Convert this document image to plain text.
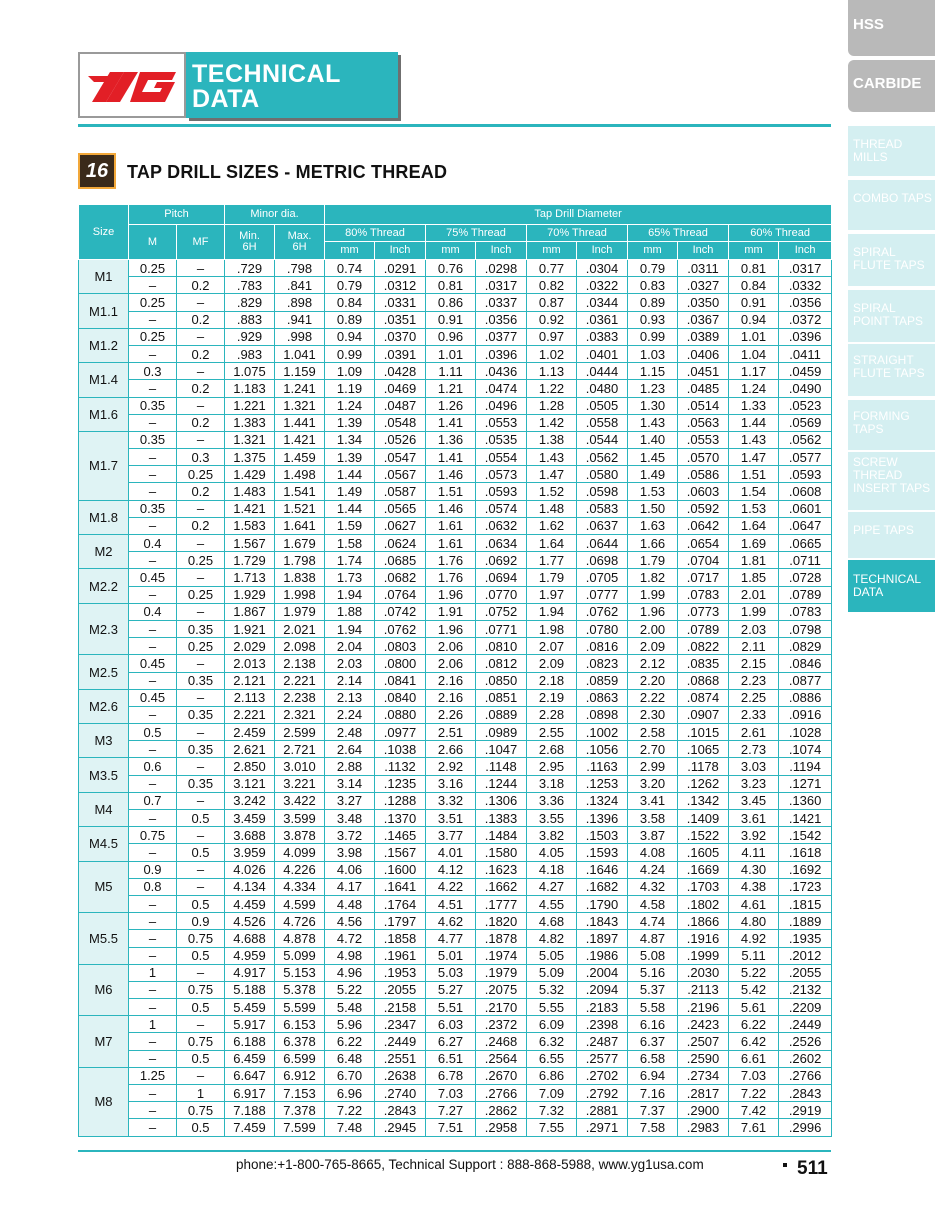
TECHNICAL
DATA
16	TAP DRILL SIZES - METRIC THREAD
HSS
CARBIDE
THREAD MILLS
COMBO TAPS
SPIRAL FLUTE TAPS
SPIRAL POINT TAPS
STRAIGHT FLUTE TAPS
FORMING TAPS
SCREW THREAD INSERT TAPS
PIPE TAPS
TECHNICAL DATA
Size	Pitch		Minor dia.		Tap Drill Diameter									
	M	MF	Min.
6H	Max.
6H	80% Thread		75% Thread		70% Thread		65% Thread		60% Thread	
					mm	Inch	mm	Inch	mm	Inch	mm	Inch	mm	Inch
M1	0.25	–	.729	.798	0.74	.0291	0.76	.0298	0.77	.0304	0.79	.0311	0.81	.0317
	–	0.2	.783	.841	0.79	.0312	0.81	.0317	0.82	.0322	0.83	.0327	0.84	.0332
M1.1	0.25	–	.829	.898	0.84	.0331	0.86	.0337	0.87	.0344	0.89	.0350	0.91	.0356
	–	0.2	.883	.941	0.89	.0351	0.91	.0356	0.92	.0361	0.93	.0367	0.94	.0372
M1.2	0.25	–	.929	.998	0.94	.0370	0.96	.0377	0.97	.0383	0.99	.0389	1.01	.0396
	–	0.2	.983	1.041	0.99	.0391	1.01	.0396	1.02	.0401	1.03	.0406	1.04	.0411
M1.4	0.3	–	1.075	1.159	1.09	.0428	1.11	.0436	1.13	.0444	1.15	.0451	1.17	.0459
	–	0.2	1.183	1.241	1.19	.0469	1.21	.0474	1.22	.0480	1.23	.0485	1.24	.0490
M1.6	0.35	–	1.221	1.321	1.24	.0487	1.26	.0496	1.28	.0505	1.30	.0514	1.33	.0523
	–	0.2	1.383	1.441	1.39	.0548	1.41	.0553	1.42	.0558	1.43	.0563	1.44	.0569
M1.7	0.35	–	1.321	1.421	1.34	.0526	1.36	.0535	1.38	.0544	1.40	.0553	1.43	.0562
	–	0.3	1.375	1.459	1.39	.0547	1.41	.0554	1.43	.0562	1.45	.0570	1.47	.0577
	–	0.25	1.429	1.498	1.44	.0567	1.46	.0573	1.47	.0580	1.49	.0586	1.51	.0593
	–	0.2	1.483	1.541	1.49	.0587	1.51	.0593	1.52	.0598	1.53	.0603	1.54	.0608
M1.8	0.35	–	1.421	1.521	1.44	.0565	1.46	.0574	1.48	.0583	1.50	.0592	1.53	.0601
	–	0.2	1.583	1.641	1.59	.0627	1.61	.0632	1.62	.0637	1.63	.0642	1.64	.0647
M2	0.4	–	1.567	1.679	1.58	.0624	1.61	.0634	1.64	.0644	1.66	.0654	1.69	.0665
	–	0.25	1.729	1.798	1.74	.0685	1.76	.0692	1.77	.0698	1.79	.0704	1.81	.0711
M2.2	0.45	–	1.713	1.838	1.73	.0682	1.76	.0694	1.79	.0705	1.82	.0717	1.85	.0728
	–	0.25	1.929	1.998	1.94	.0764	1.96	.0770	1.97	.0777	1.99	.0783	2.01	.0789
M2.3	0.4	–	1.867	1.979	1.88	.0742	1.91	.0752	1.94	.0762	1.96	.0773	1.99	.0783
	–	0.35	1.921	2.021	1.94	.0762	1.96	.0771	1.98	.0780	2.00	.0789	2.03	.0798
	–	0.25	2.029	2.098	2.04	.0803	2.06	.0810	2.07	.0816	2.09	.0822	2.11	.0829
M2.5	0.45	–	2.013	2.138	2.03	.0800	2.06	.0812	2.09	.0823	2.12	.0835	2.15	.0846
	–	0.35	2.121	2.221	2.14	.0841	2.16	.0850	2.18	.0859	2.20	.0868	2.23	.0877
M2.6	0.45	–	2.113	2.238	2.13	.0840	2.16	.0851	2.19	.0863	2.22	.0874	2.25	.0886
	–	0.35	2.221	2.321	2.24	.0880	2.26	.0889	2.28	.0898	2.30	.0907	2.33	.0916
M3	0.5	–	2.459	2.599	2.48	.0977	2.51	.0989	2.55	.1002	2.58	.1015	2.61	.1028
	–	0.35	2.621	2.721	2.64	.1038	2.66	.1047	2.68	.1056	2.70	.1065	2.73	.1074
M3.5	0.6	–	2.850	3.010	2.88	.1132	2.92	.1148	2.95	.1163	2.99	.1178	3.03	.1194
	–	0.35	3.121	3.221	3.14	.1235	3.16	.1244	3.18	.1253	3.20	.1262	3.23	.1271
M4	0.7	–	3.242	3.422	3.27	.1288	3.32	.1306	3.36	.1324	3.41	.1342	3.45	.1360
	–	0.5	3.459	3.599	3.48	.1370	3.51	.1383	3.55	.1396	3.58	.1409	3.61	.1421
M4.5	0.75	–	3.688	3.878	3.72	.1465	3.77	.1484	3.82	.1503	3.87	.1522	3.92	.1542
	–	0.5	3.959	4.099	3.98	.1567	4.01	.1580	4.05	.1593	4.08	.1605	4.11	.1618
M5	0.9	–	4.026	4.226	4.06	.1600	4.12	.1623	4.18	.1646	4.24	.1669	4.30	.1692
	0.8	–	4.134	4.334	4.17	.1641	4.22	.1662	4.27	.1682	4.32	.1703	4.38	.1723
	–	0.5	4.459	4.599	4.48	.1764	4.51	.1777	4.55	.1790	4.58	.1802	4.61	.1815
M5.5	–	0.9	4.526	4.726	4.56	.1797	4.62	.1820	4.68	.1843	4.74	.1866	4.80	.1889
	–	0.75	4.688	4.878	4.72	.1858	4.77	.1878	4.82	.1897	4.87	.1916	4.92	.1935
	–	0.5	4.959	5.099	4.98	.1961	5.01	.1974	5.05	.1986	5.08	.1999	5.11	.2012
M6	1	–	4.917	5.153	4.96	.1953	5.03	.1979	5.09	.2004	5.16	.2030	5.22	.2055
	–	0.75	5.188	5.378	5.22	.2055	5.27	.2075	5.32	.2094	5.37	.2113	5.42	.2132
	–	0.5	5.459	5.599	5.48	.2158	5.51	.2170	5.55	.2183	5.58	.2196	5.61	.2209
M7	1	–	5.917	6.153	5.96	.2347	6.03	.2372	6.09	.2398	6.16	.2423	6.22	.2449
	–	0.75	6.188	6.378	6.22	.2449	6.27	.2468	6.32	.2487	6.37	.2507	6.42	.2526
	–	0.5	6.459	6.599	6.48	.2551	6.51	.2564	6.55	.2577	6.58	.2590	6.61	.2602
M8	1.25	–	6.647	6.912	6.70	.2638	6.78	.2670	6.86	.2702	6.94	.2734	7.03	.2766
	–	1	6.917	7.153	6.96	.2740	7.03	.2766	7.09	.2792	7.16	.2817	7.22	.2843
	–	0.75	7.188	7.378	7.22	.2843	7.27	.2862	7.32	.2881	7.37	.2900	7.42	.2919
	–	0.5	7.459	7.599	7.48	.2945	7.51	.2958	7.55	.2971	7.58	.2983	7.61	.2996
phone:+1-800-765-8665, Technical Support : 888-868-5988, www.yg1usa.com	511
